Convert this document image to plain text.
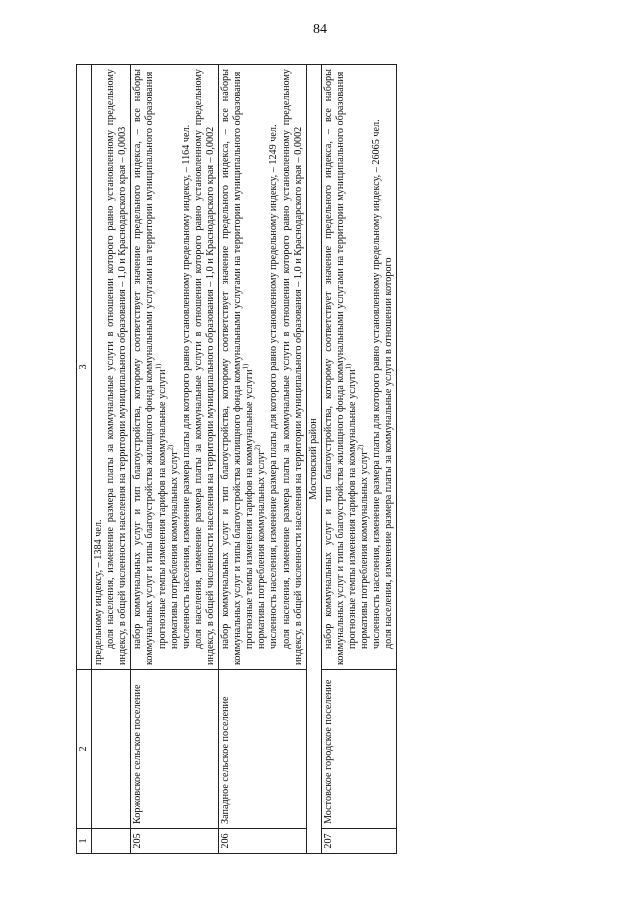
84
1	2	3

		предельному индексу, – 1384 чел. доля населения, изменение размера платы за коммунальные услуги в отношении которого равно установленному предельному индексу, в общей численности населения на территории муниципального образования – 1,0 и Краснодарского края – 0,0003

205	Коржовское сельское поселение	набор коммунальных услуг и тип благоустройства, которому соответствует значение предельного индекса, – все наборы коммунальных услуг и типы благоустройства жилищного фонда коммунальными услугами на территории муниципального образования прогнозные темпы изменения тарифов на коммунальные услуги$^{1)}$

нормативы потребления коммунальных услуг$^{2)}$ численность населения, изменение размера платы для которого равно установленному предельному индексу, – 1164 чел. доля населения, изменение размера платы за коммунальные услуги в отношении которого равно установленному предельному индексу, в общей численности населения на территории муниципального образования – 1,0 и Краснодарского края – 0,0002

206	Западное сельское поселение	набор коммунальных услуг и тип благоустройства, которому соответствует значение предельного индекса, – все наборы коммунальных услуг и типы благоустройства жилищного фонда коммунальными услугами на территории муниципального образования прогнозные темпы изменения тарифов на коммунальные услуги$^{1)}$

нормативы потребления коммунальных услуг$^{2)}$ численность населения, изменение размера платы для которого равно установленному предельному индексу, – 1249 чел. доля населения, изменение размера платы за коммунальные услуги в отношении которого равно установленному предельному индексу, в общей численности населения на территории муниципального образования – 1,0 и Краснодарского края – 0,0002

Мостовский район		
207	Мостовское городское поселение	набор коммунальных услуг и тип благоустройства, которому соответствует значение предельного индекса, – все наборы коммунальных услуг и типы благоустройства жилищного фонда коммунальными услугами на территории муниципального образования прогнозные темпы изменения тарифов на коммунальные услуги$^{1)}$

нормативы потребления коммунальных услуг$^{2)}$ численность населения, изменение размера платы для которого равно установленному предельному индексу, – 26065 чел. доля населения, изменение размера платы за коммунальные услуги в отношении которого
